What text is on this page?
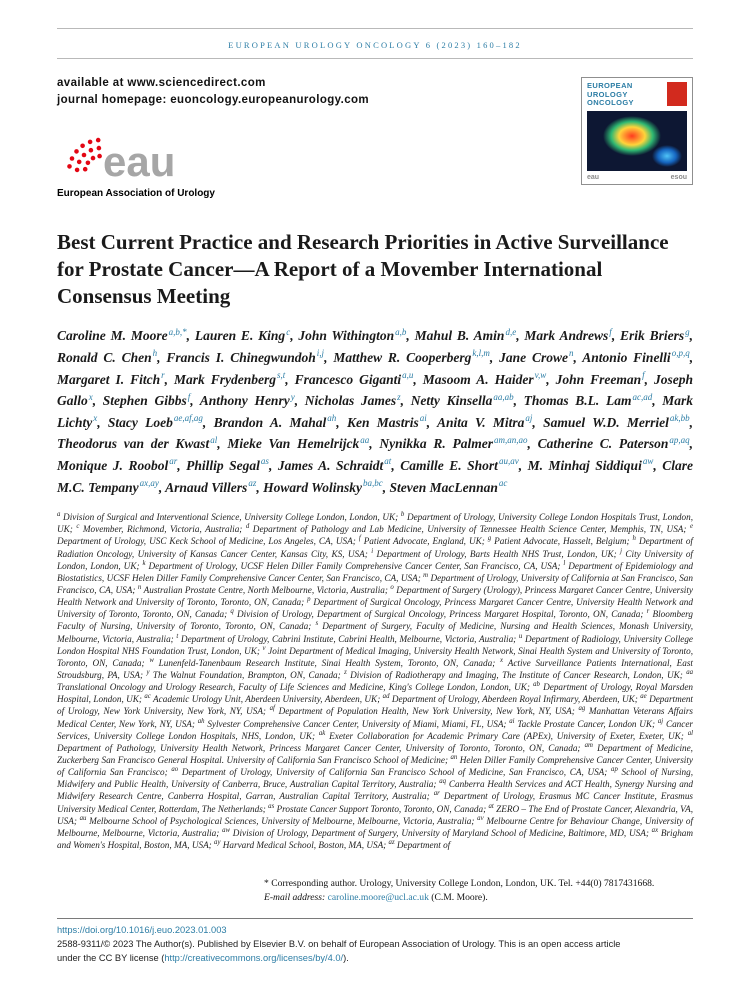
EUROPEAN UROLOGY ONCOLOGY 6 (2023) 160–182
available at www.sciencedirect.com
journal homepage: euoncology.europeanurology.com
eau
European Association of Urology
EUROPEAN
UROLOGY
ONCOLOGY
eau	esou
Best Current Practice and Research Priorities in Active Surveillance for Prostate Cancer—A Report of a Movember International Consensus Meeting

Caroline M. Moore$^{a,b,*}$, Lauren E. King$^c$, John Withington$^{a,b}$, Mahul B. Amin$^{d,e}$, Mark Andrews$^f$, Erik Briers$^g$, Ronald C. Chen$^h$, Francis I. Chinegwundoh$^{i,j}$, Matthew R. Cooperberg$^{k,l,m}$, Jane Crowe$^n$, Antonio Finelli$^{o,p,q}$, Margaret I. Fitch$^r$, Mark Frydenberg$^{s,t}$, Francesco Giganti$^{a,u}$, Masoom A. Haider$^{v,w}$, John Freeman$^f$, Joseph Gallo$^x$, Stephen Gibbs$^f$, Anthony Henry$^y$, Nicholas James$^z$, Netty Kinsella$^{aa,ab}$, Thomas B.L. Lam$^{ac,ad}$, Mark Lichty$^x$, Stacy Loeb$^{ae,af,ag}$, Brandon A. Mahal$^{ah}$, Ken Mastris$^{ai}$, Anita V. Mitra$^{aj}$, Samuel W.D. Merriel$^{ak,bb}$, Theodorus van der Kwast$^{al}$, Mieke Van Hemelrijck$^{aa}$, Nynikka R. Palmer$^{am,an,ao}$, Catherine C. Paterson$^{ap,aq}$, Monique J. Roobol$^{ar}$, Phillip Segal$^{as}$, James A. Schraidt$^{at}$, Camille E. Short$^{au,av}$, M. Minhaj Siddiqui$^{aw}$, Clare M.C. Tempany$^{ax,ay}$, Arnaud Villers$^{az}$, Howard Wolinsky$^{ba,bc}$, Steven MacLennan$^{ac}$

$^a$ Division of Surgical and Interventional Science, University College London, London, UK; $^b$ Department of Urology, University College London Hospitals Trust, London, UK; $^c$ Movember, Richmond, Victoria, Australia; $^d$ Department of Pathology and Lab Medicine, University of Tennessee Health Science Center, Memphis, TN, USA; $^e$ Department of Urology, USC Keck School of Medicine, Los Angeles, CA, USA; $^f$ Patient Advocate, England, UK; $^g$ Patient Advocate, Hasselt, Belgium; $^h$ Department of Radiation Oncology, University of Kansas Cancer Center, Kansas City, KS, USA; $^i$ Department of Urology, Barts Health NHS Trust, London, UK; $^j$ City University of London, London, UK; $^k$ Department of Urology, UCSF Helen Diller Family Comprehensive Cancer Center, San Francisco, CA, USA; $^l$ Department of Epidemiology and Biostatistics, UCSF Helen Diller Family Comprehensive Cancer Center, San Francisco, CA, USA; $^m$ Department of Urology, University of California at San Francisco, San Francisco, CA, USA; $^n$ Australian Prostate Centre, North Melbourne, Victoria, Australia; $^o$ Department of Surgery (Urology), Princess Margaret Cancer Centre, University Health Network and University of Toronto, Toronto, ON, Canada; $^p$ Department of Surgical Oncology, Princess Margaret Cancer Centre, University Health Network and University of Toronto, Toronto, ON, Canada; $^q$ Division of Urology, Department of Surgical Oncology, Princess Margaret Hospital, Toronto, ON, Canada; $^r$ Bloomberg Faculty of Nursing, University of Toronto, Toronto, ON, Canada; $^s$ Department of Surgery, Faculty of Medicine, Nursing and Health Sciences, Monash University, Melbourne, Victoria, Australia; $^t$ Department of Urology, Cabrini Institute, Cabrini Health, Melbourne, Victoria, Australia; $^u$ Department of Radiology, University College London Hospital NHS Foundation Trust, London, UK; $^v$ Joint Department of Medical Imaging, University Health Network, Sinai Health System and University of Toronto, Toronto, ON, Canada; $^w$ Lunenfeld-Tanenbaum Research Institute, Sinai Health System, Toronto, ON, Canada; $^x$ Active Surveillance Patients International, East Stroudsburg, PA, USA; $^y$ The Walnut Foundation, Brampton, ON, Canada; $^z$ Division of Radiotherapy and Imaging, The Institute of Cancer Research, London, UK; $^{aa}$ Translational Oncology and Urology Research, Faculty of Life Sciences and Medicine, King's College London, London, UK; $^{ab}$ Department of Urology, Royal Marsden Hospital, London, UK; $^{ac}$ Academic Urology Unit, Aberdeen University, Aberdeen, UK; $^{ad}$ Department of Urology, Aberdeen Royal Infirmary, Aberdeen, UK; $^{ae}$ Department of Urology, New York University, New York, NY, USA; $^{af}$ Department of Population Health, New York University, New York, NY, USA; $^{ag}$ Manhattan Veterans Affairs Medical Center, New York, NY, USA; $^{ah}$ Sylvester Comprehensive Cancer Center, University of Miami, Miami, FL, USA; $^{ai}$ Tackle Prostate Cancer, London UK; $^{aj}$ Cancer Services, University College London Hospitals, NHS, London, UK; $^{ak}$ Exeter Collaboration for Academic Primary Care (APEx), University of Exeter, Exeter, UK; $^{al}$ Department of Pathology, University Health Network, Princess Margaret Cancer Center, University of Toronto, Toronto, ON, Canada; $^{am}$ Department of Medicine, Zuckerberg San Francisco General Hospital. University of California San Francisco School of Medicine; $^{an}$ Helen Diller Family Comprehensive Cancer Center, University of California San Francisco; $^{ao}$ Department of Urology, University of California San Francisco School of Medicine, San Francisco, CA, USA; $^{ap}$ School of Nursing, Midwifery and Public Health, University of Canberra, Bruce, Australian Capital Territory, Australia; $^{aq}$ Canberra Health Services and ACT Health, Synergy Nursing and Midwifery Research Centre, Canberra Hospital, Garran, Australian Capital Territory, Australia; $^{ar}$ Department of Urology, Erasmus MC Cancer Institute, Erasmus University Medical Center, Rotterdam, The Netherlands; $^{as}$ Prostate Cancer Support Toronto, Toronto, ON, Canada; $^{at}$ ZERO – The End of Prostate Cancer, Alexandria, VA, USA; $^{au}$ Melbourne School of Psychological Sciences, University of Melbourne, Melbourne, Victoria, Australia; $^{av}$ Melbourne Centre for Behaviour Change, University of Melbourne, Melbourne, Victoria, Australia; $^{aw}$ Division of Urology, Department of Surgery, University of Maryland School of Medicine, Baltimore, MD, USA; $^{ax}$ Brigham and Women's Hospital, Boston, MA, USA; $^{ay}$ Harvard Medical School, Boston, MA, USA; $^{az}$ Department of

* Corresponding author. Urology, University College London, London, UK. Tel. +44(0) 7817431668.
E-mail address: caroline.moore@ucl.ac.uk (C.M. Moore).
https://doi.org/10.1016/j.euo.2023.01.003
2588-9311/© 2023 The Author(s). Published by Elsevier B.V. on behalf of European Association of Urology. This is an open access article
under the CC BY license (http://creativecommons.org/licenses/by/4.0/).
